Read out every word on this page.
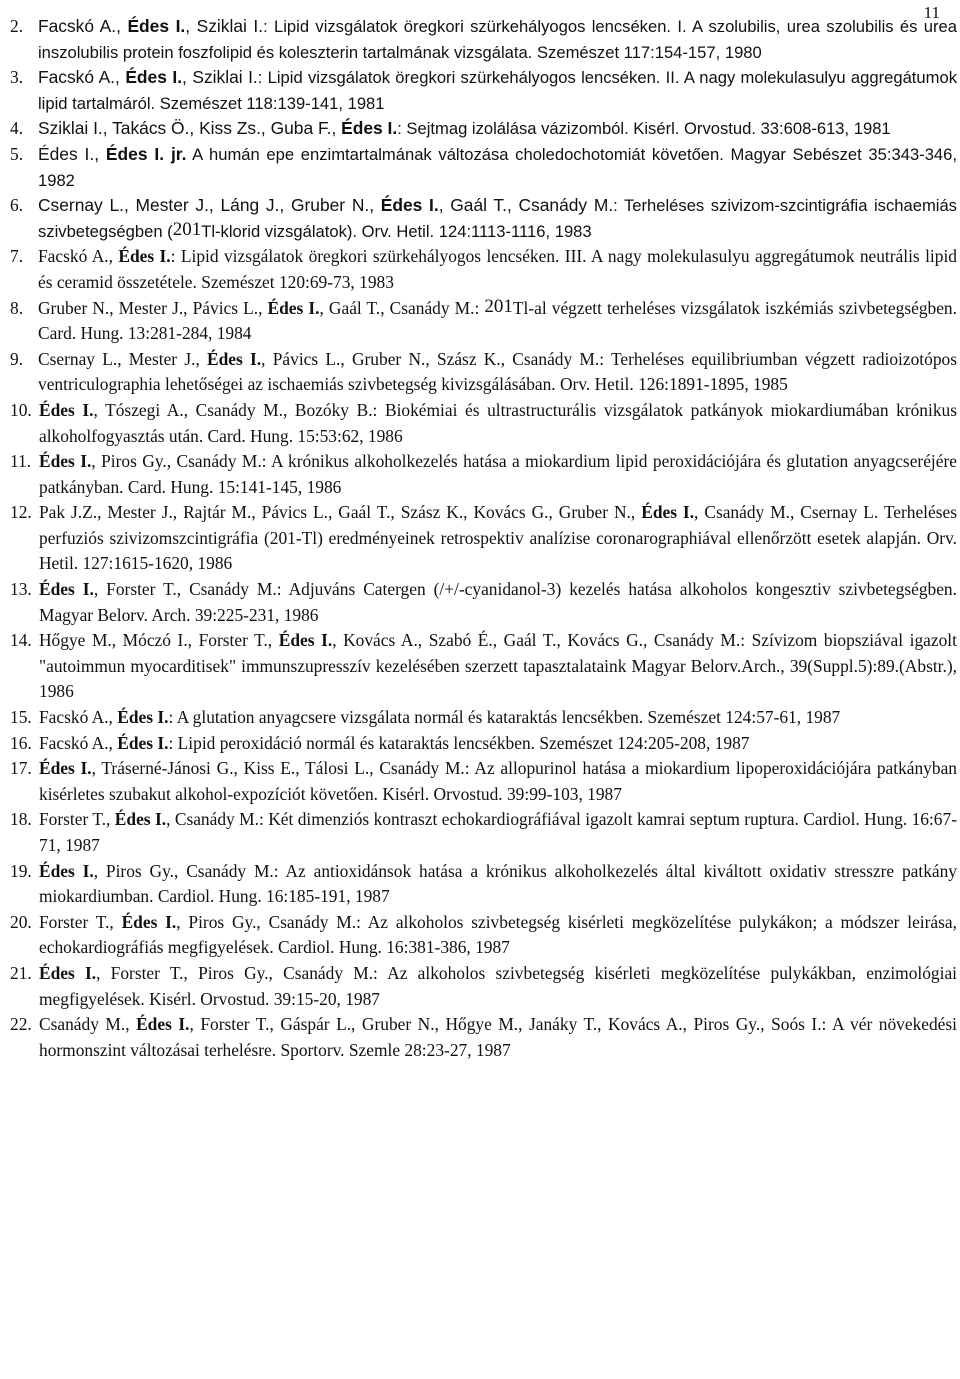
11
2. Facskó A., Édes I., Sziklai I.: Lipid vizsgálatok öregkori szürkehályogos lencséken. I. A szolubilis, urea szolubilis és urea inszolubilis protein foszfolipid és koleszterin tartalmának vizsgálata. Szemészet 117:154-157, 1980
3. Facskó A., Édes I., Sziklai I.: Lipid vizsgálatok öregkori szürkehályogos lencséken. II. A nagy molekulasulyu aggregátumok lipid tartalmáról. Szemészet 118:139-141, 1981
4. Sziklai I., Takács Ö., Kiss Zs., Guba F., Édes I.: Sejtmag izolálása vázizomból. Kisérl. Orvostud. 33:608-613, 1981
5. Édes I., Édes I. jr. A humán epe enzimtartalmának változása choledochotomiát követően. Magyar Sebészet 35:343-346, 1982
6. Csernay L., Mester J., Láng J., Gruber N., Édes I., Gaál T., Csanády M.: Terheléses szivizom-szcintigráfia ischaemiás szivbetegségben (201Tl-klorid vizsgálatok). Orv. Hetil. 124:1113-1116, 1983
7. Facskó A., Édes I.: Lipid vizsgálatok öregkori szürkehályogos lencséken. III. A nagy molekulasulyu aggregátumok neutrális lipid és ceramid összetétele. Szemészet 120:69-73, 1983
8. Gruber N., Mester J., Pávics L., Édes I., Gaál T., Csanády M.: 201Tl-al végzett terheléses vizsgálatok iszkémiás szivbetegségben. Card. Hung. 13:281-284, 1984
9. Csernay L., Mester J., Édes I., Pávics L., Gruber N., Szász K., Csanády M.: Terheléses equilibriumban végzett radioizotópos ventriculographia lehetőségei az ischaemiás szivbetegség kivizsgálásában. Orv. Hetil. 126:1891-1895, 1985
10. Édes I., Tószegi A., Csanády M., Bozóky B.: Biokémiai és ultrastructurális vizsgálatok patkányok miokardiumában krónikus alkoholfogyasztás után. Card. Hung. 15:53:62, 1986
11. Édes I., Piros Gy., Csanády M.: A krónikus alkoholkezelés hatása a miokardium lipid peroxidációjára és glutation anyagcseréjére patkányban. Card. Hung. 15:141-145, 1986
12. Pak J.Z., Mester J., Rajtár M., Pávics L., Gaál T., Szász K., Kovács G., Gruber N., Édes I., Csanády M., Csernay L. Terheléses perfuziós szivizomszcintigráfia (201-Tl) eredményeinek retrospektiv analízise coronarographiával ellenőrzött esetek alapján. Orv. Hetil. 127:1615-1620, 1986
13. Édes I., Forster T., Csanády M.: Adjuváns Catergen (/+/-cyanidanol-3) kezelés hatása alkoholos kongesztiv szivbetegségben. Magyar Belorv. Arch. 39:225-231, 1986
14. Hőgye M., Móczó I., Forster T., Édes I., Kovács A., Szabó É., Gaál T., Kovács G., Csanády M.: Szívizom biopsziával igazolt "autoimmun myocarditisek" immunszupresszív kezelésében szerzett tapasztalataink Magyar Belorv.Arch., 39(Suppl.5):89.(Abstr.), 1986
15. Facskó A., Édes I.: A glutation anyagcsere vizsgálata normál és kataraktás lencsékben. Szemészet 124:57-61, 1987
16. Facskó A., Édes I.: Lipid peroxidáció normál és kataraktás lencsékben. Szemészet 124:205-208, 1987
17. Édes I., Tráserné-Jánosi G., Kiss E., Tálosi L., Csanády M.: Az allopurinol hatása a miokardium lipoperoxidációjára patkányban kisérletes szubakut alkohol-expozíciót követően. Kisérl. Orvostud. 39:99-103, 1987
18. Forster T., Édes I., Csanády M.: Két dimenziós kontraszt echokardiográfiával igazolt kamrai septum ruptura. Cardiol. Hung. 16:67-71, 1987
19. Édes I., Piros Gy., Csanády M.: Az antioxidánsok hatása a krónikus alkoholkezelés által kiváltott oxidativ stresszre patkány miokardiumban. Cardiol. Hung. 16:185-191, 1987
20. Forster T., Édes I., Piros Gy., Csanády M.: Az alkoholos szivbetegség kisérleti megközelítése pulykákon; a módszer leirása, echokardiográfiás megfigyelések. Cardiol. Hung. 16:381-386, 1987
21. Édes I., Forster T., Piros Gy., Csanády M.: Az alkoholos szivbetegség kisérleti megközelítése pulykákban, enzimológiai megfigyelések. Kisérl. Orvostud. 39:15-20, 1987
22. Csanády M., Édes I., Forster T., Gáspár L., Gruber N., Hőgye M., Janáky T., Kovács A., Piros Gy., Soós I.: A vér növekedési hormonszint változásai terhelésre. Sportorv. Szemle 28:23-27, 1987
